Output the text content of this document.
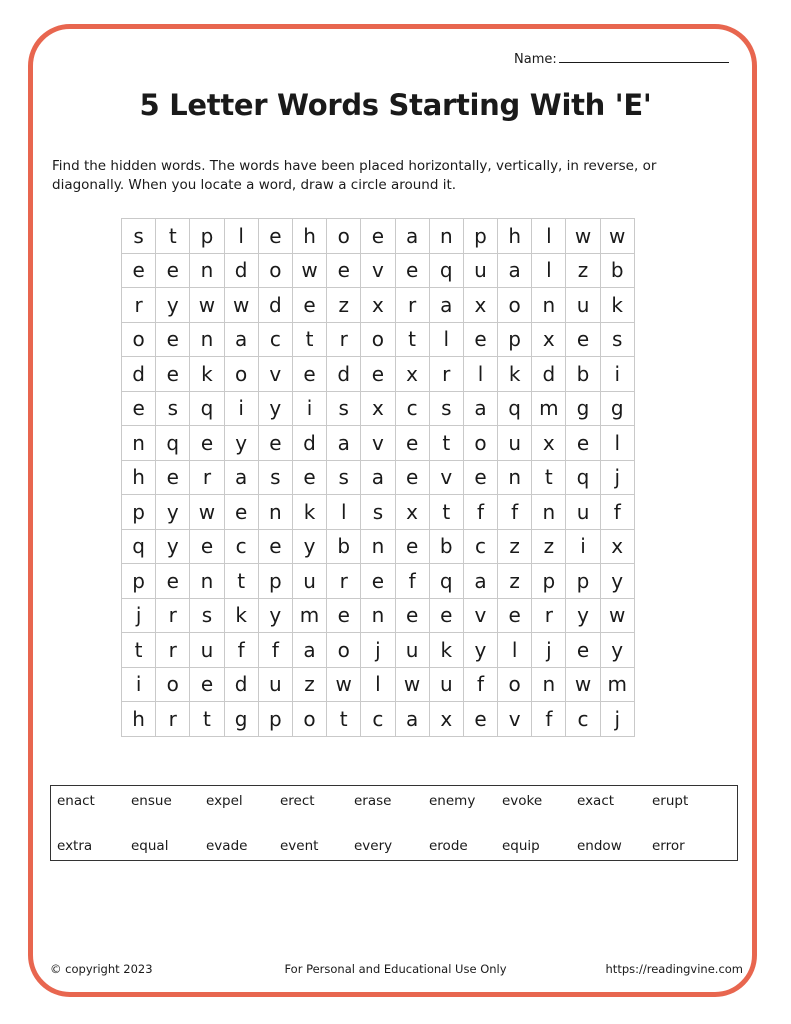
Name:
5 Letter Words Starting With 'E'
Find the hidden words. The words have been placed horizontally, vertically, in reverse, or diagonally. When you locate a word, draw a circle around it.
s	t	p	l	e	h	o	e	a	n	p	h	l	w	w
e	e	n	d	o	w	e	v	e	q	u	a	l	z	b
r	y	w	w	d	e	z	x	r	a	x	o	n	u	k
o	e	n	a	c	t	r	o	t	l	e	p	x	e	s
d	e	k	o	v	e	d	e	x	r	l	k	d	b	i
e	s	q	i	y	i	s	x	c	s	a	q	m	g	g
n	q	e	y	e	d	a	v	e	t	o	u	x	e	l
h	e	r	a	s	e	s	a	e	v	e	n	t	q	j
p	y	w	e	n	k	l	s	x	t	f	f	n	u	f
q	y	e	c	e	y	b	n	e	b	c	z	z	i	x
p	e	n	t	p	u	r	e	f	q	a	z	p	p	y
j	r	s	k	y	m	e	n	e	e	v	e	r	y	w
t	r	u	f	f	a	o	j	u	k	y	l	j	e	y
i	o	e	d	u	z	w	l	w	u	f	o	n	w	m
h	r	t	g	p	o	t	c	a	x	e	v	f	c	j
enact	ensue	expel	erect	erase	enemy evoke	exact	erupt
extra	equal	evade event	every	erode	equip	endow error
© copyright 2023	For Personal and Educational Use Only	https://readingvine.com
